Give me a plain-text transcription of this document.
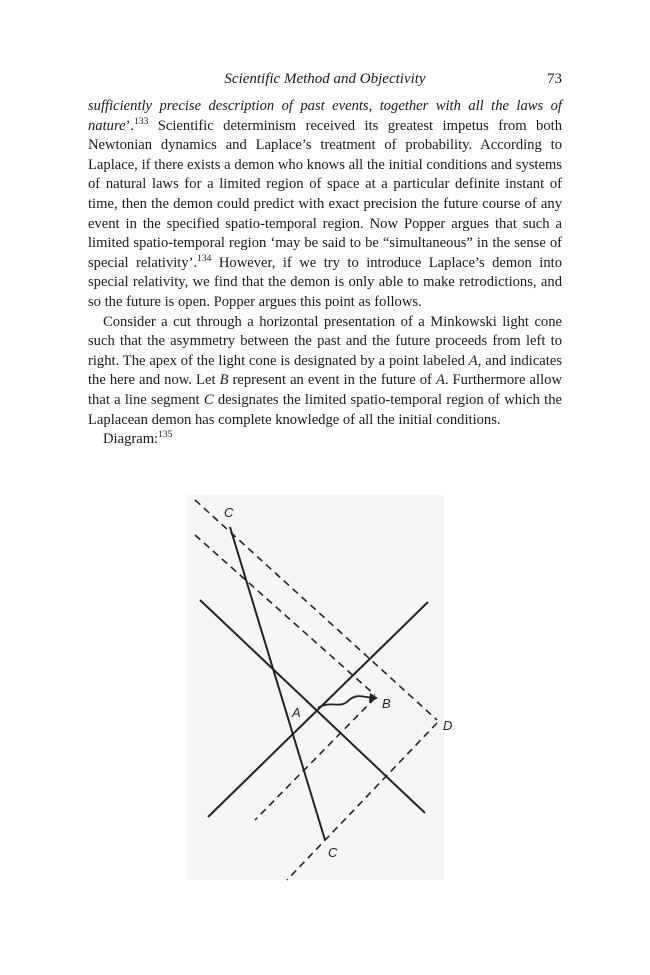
Scientific Method and Objectivity	73

sufficiently precise description of past events, together with all the laws of nature’.$^{133}$ Scientific determinism received its greatest impetus from both Newtonian dynamics and Laplace’s treatment of probability. According to Laplace, if there exists a demon who knows all the initial conditions and systems of natural laws for a limited region of space at a particular definite instant of time, then the demon could predict with exact precision the future course of any event in the specified spatio-temporal region. Now Popper argues that such a limited spatio-temporal region ‘may be said to be “simultaneous” in the sense of special relativity’.$^{134}$ However, if we try to introduce Laplace’s demon into special relativity, we find that the demon is only able to make retrodictions, and so the future is open. Popper argues this point as follows.

Consider a cut through a horizontal presentation of a Minkowski light cone such that the asymmetry between the past and the future proceeds from left to right. The apex of the light cone is designated by a point labeled A, and indicates the here and now. Let B represent an event in the future of A. Furthermore allow that a line segment C designates the limited spatio-temporal region of which the Laplacean demon has complete knowledge of all the initial conditions.

Diagram:$^{135}$

C
A
B
D
C
